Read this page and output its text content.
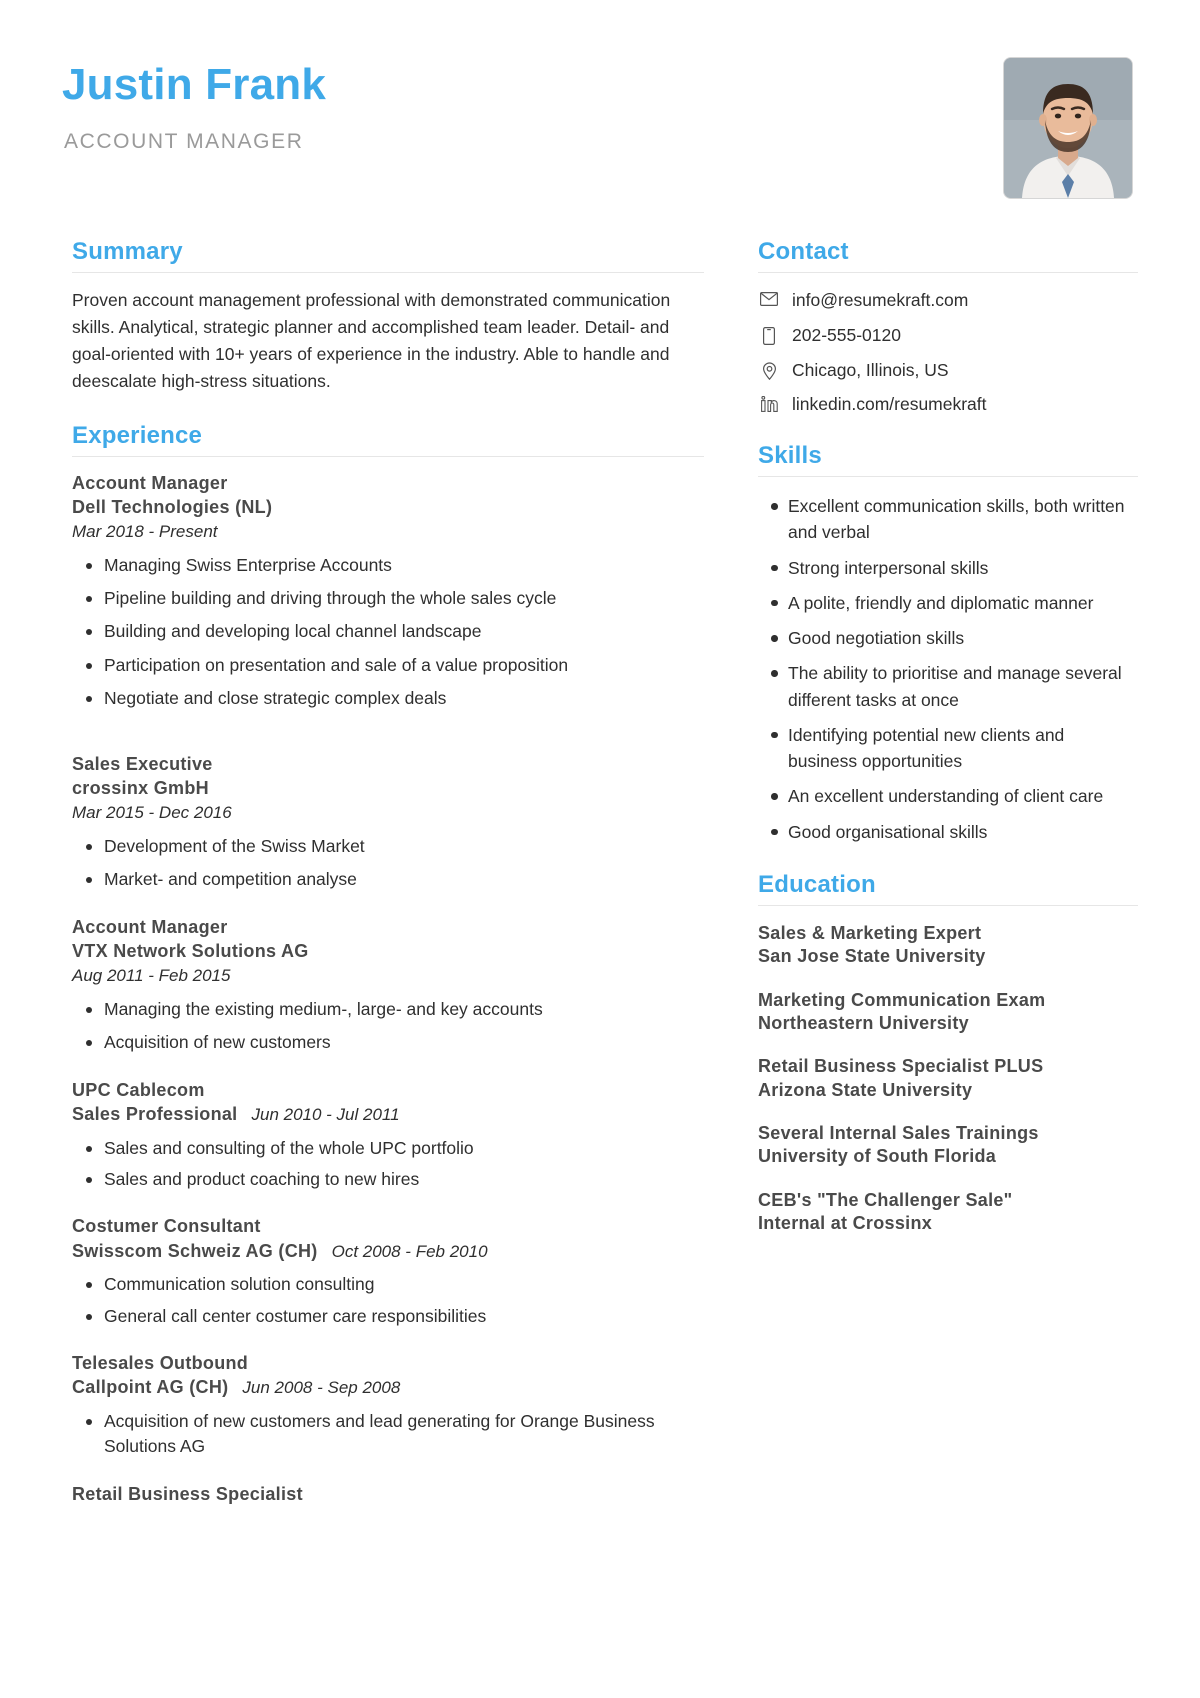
Justin Frank
ACCOUNT MANAGER
Summary

Proven account management professional with demonstrated communication skills. Analytical, strategic planner and accomplished team leader. Detail- and goal-oriented with 10+ years of experience in the industry. Able to handle and deescalate high-stress situations.

Experience
Account Manager
Dell Technologies (NL)
Mar 2018 - Present
Managing Swiss Enterprise Accounts
Pipeline building and driving through the whole sales cycle
Building and developing local channel landscape
Participation on presentation and sale of a value proposition
Negotiate and close strategic complex deals
Sales Executive
crossinx GmbH
Mar 2015 - Dec 2016
Development of the Swiss Market
Market- and competition analyse
Account Manager
VTX Network Solutions AG
Aug 2011 - Feb 2015
Managing the existing medium-, large- and key accounts
Acquisition of new customers
UPC Cablecom
Sales Professional Jun 2010 - Jul 2011
Sales and consulting of the whole UPC portfolio
Sales and product coaching to new hires
Costumer Consultant
Swisscom Schweiz AG (CH) Oct 2008 - Feb 2010
Communication solution consulting
General call center costumer care responsibilities
Telesales Outbound
Callpoint AG (CH) Jun 2008 - Sep 2008
Acquisition of new customers and lead generating for Orange Business Solutions AG
Retail Business Specialist
Contact
info@resumekraft.com
202-555-0120
Chicago, Illinois, US
linkedin.com/resumekraft
Skills
Excellent communication skills, both written and verbal
Strong interpersonal skills
A polite, friendly and diplomatic manner
Good negotiation skills
The ability to prioritise and manage several different tasks at once
Identifying potential new clients and business opportunities
An excellent understanding of client care
Good organisational skills
Education
Sales & Marketing Expert
San Jose State University
Marketing Communication Exam
Northeastern University
Retail Business Specialist PLUS
Arizona State University
Several Internal Sales Trainings
University of South Florida
CEB's "The Challenger Sale"
Internal at Crossinx
